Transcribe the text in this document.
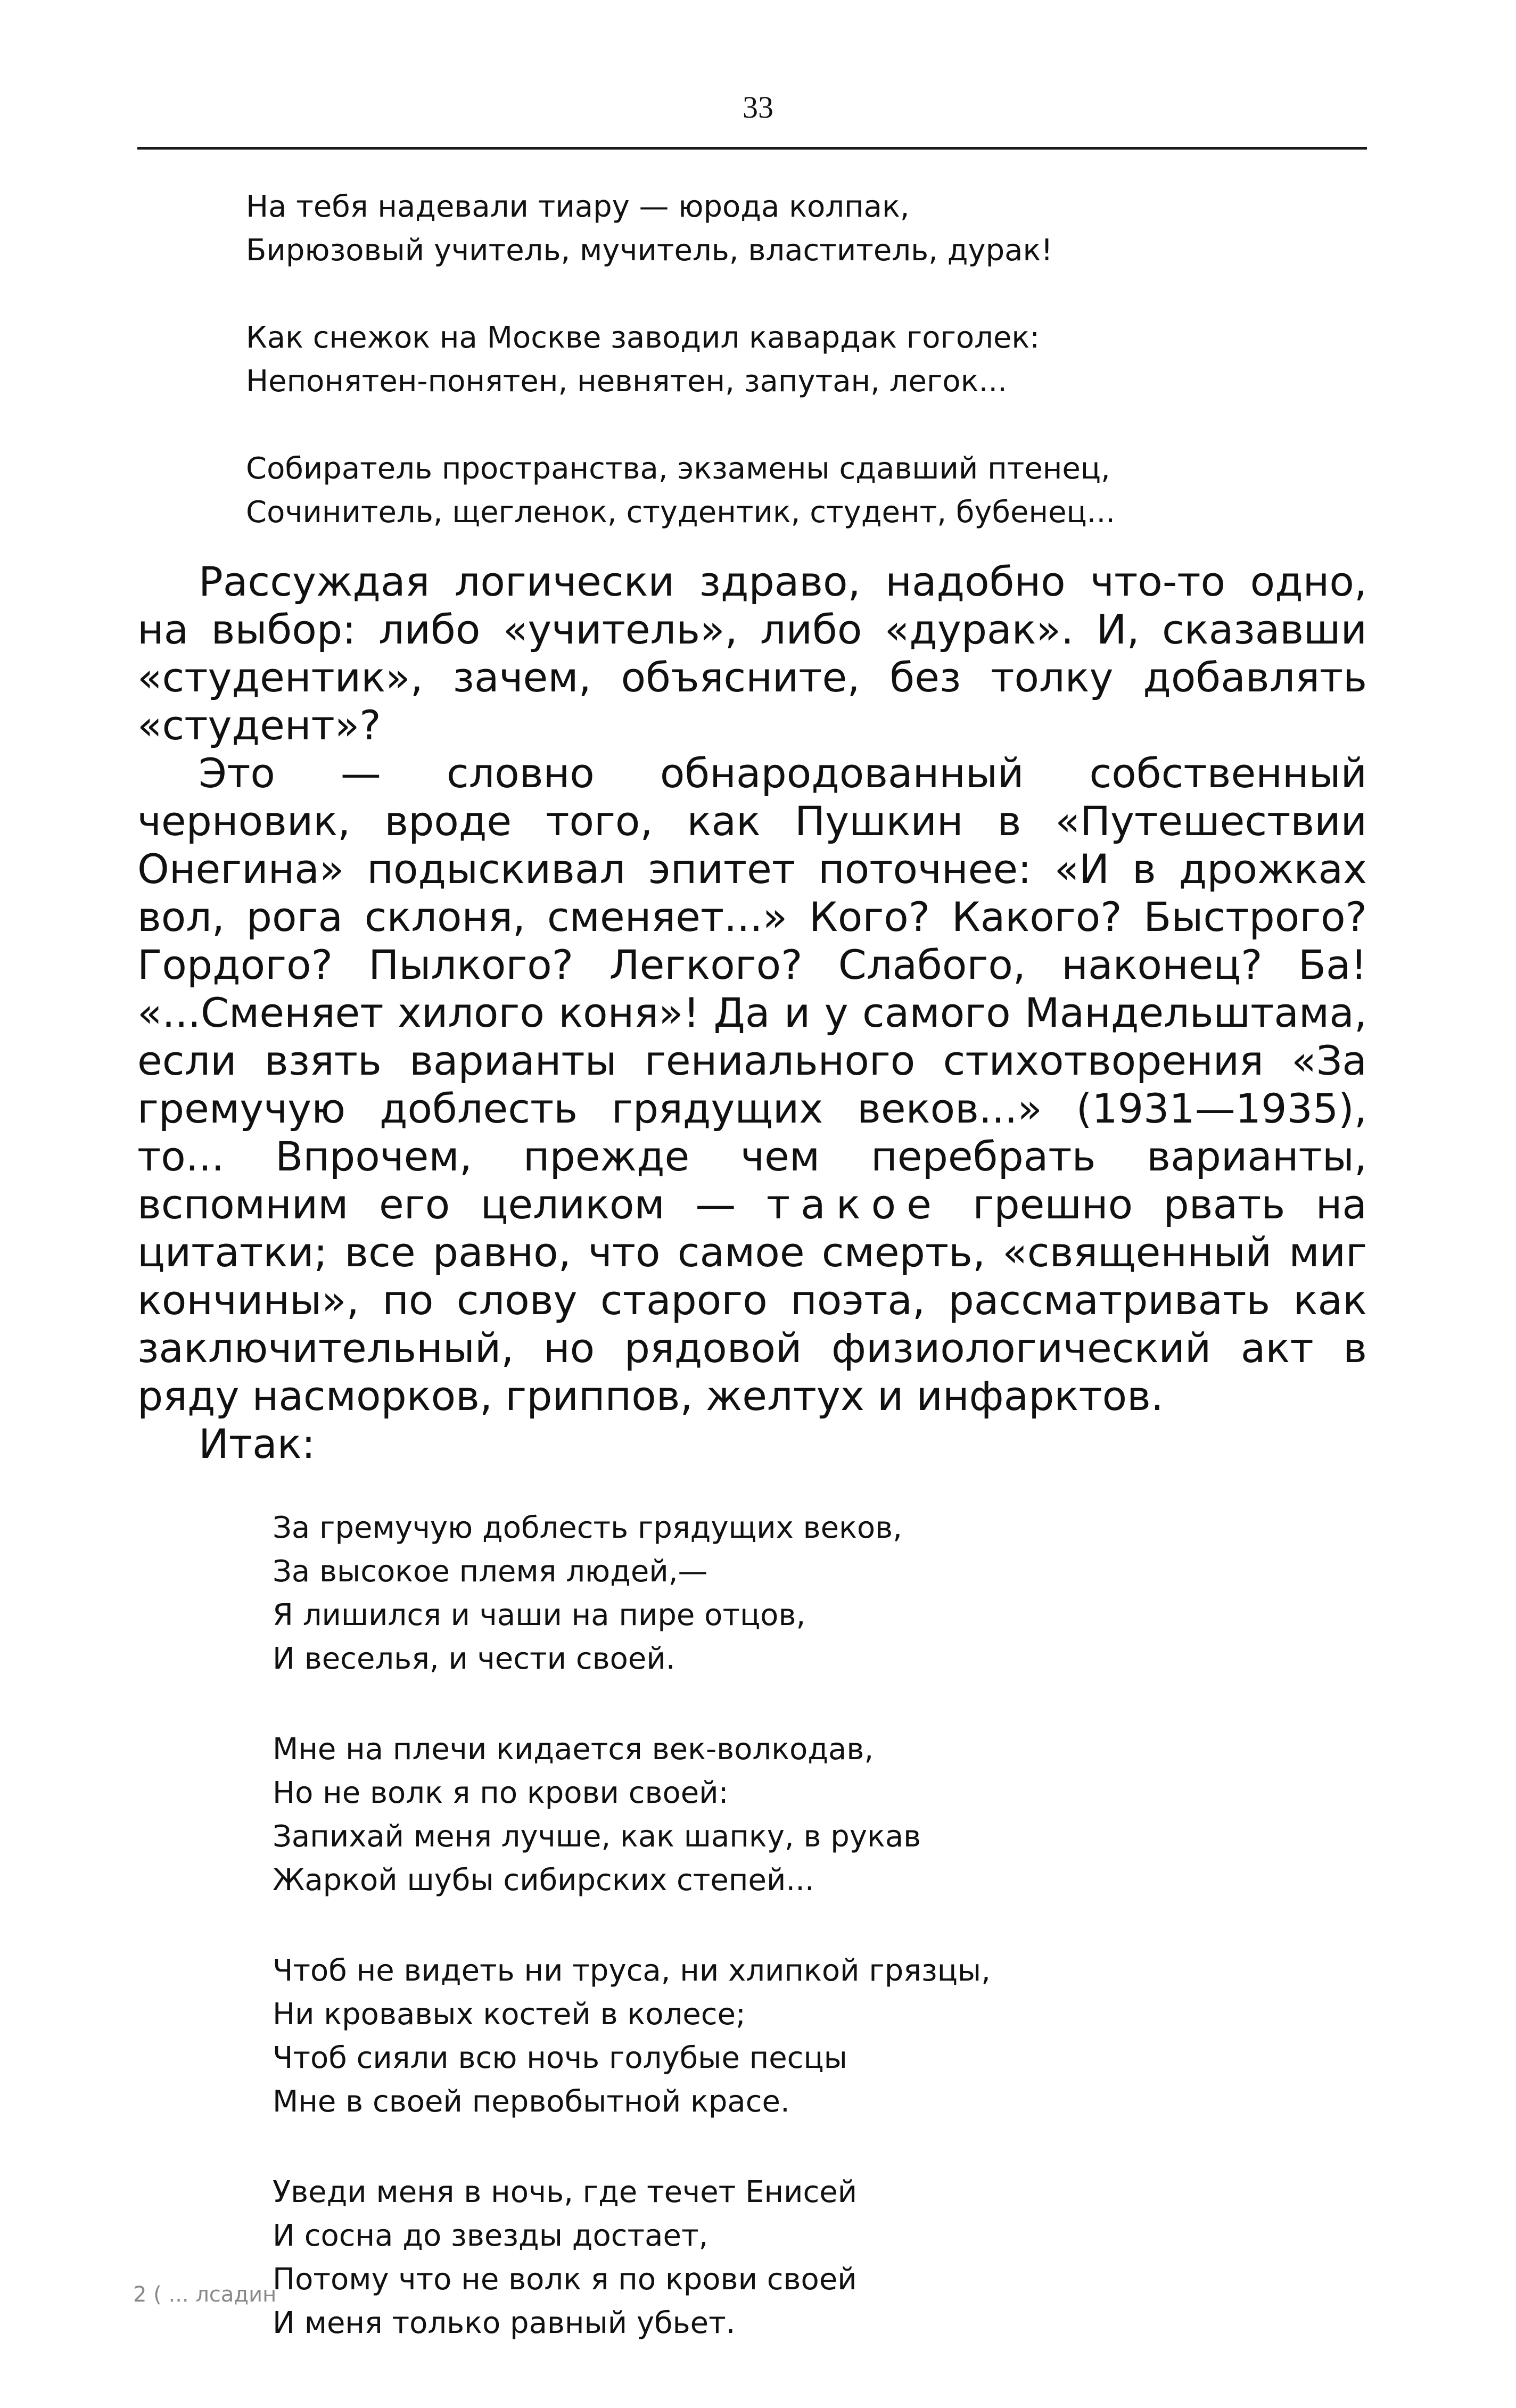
33
На тебя надевали тиару — юрода колпак,
Бирюзовый учитель, мучитель, властитель, дурак!
Как снежок на Москве заводил кавардак гоголек:
Непонятен-понятен, невнятен, запутан, легок...
Собиратель пространства, экзамены сдавший птенец,
Сочинитель, щегленок, студентик, студент, бубенец...

Рассуждая логически здраво, надобно что-то одно, на выбор: либо «учитель», либо «дурак». И, сказавши «студентик», зачем, объясните, без толку добавлять «студент»?

Это — словно обнародованный собственный черновик, вроде того, как Пушкин в «Путешествии Онегина» подыскивал эпитет поточнее: «И в дрожках вол, рога склоня, сменяет...» Кого? Какого? Быстрого? Гордого? Пылкого? Легкого? Слабого, наконец? Ба! «...Сменяет хилого коня»! Да и у самого Мандельштама, если взять варианты гениального стихотворения «За гремучую доблесть грядущих веков...» (1931—1935), то... Впрочем, прежде чем перебрать варианты, вспомним его целиком — такое грешно рвать на цитатки; все равно, что самое смерть, «священный миг кончины», по слову старого поэта, рассматривать как заключительный, но рядовой физиологический акт в ряду насморков, гриппов, желтух и инфарктов.

Итак:

За гремучую доблесть грядущих веков,
За высокое племя людей,—
Я лишился и чаши на пире отцов,
И веселья, и чести своей.
Мне на плечи кидается век-волкодав,
Но не волк я по крови своей:
Запихай меня лучше, как шапку, в рукав
Жаркой шубы сибирских степей...
Чтоб не видеть ни труса, ни хлипкой грязцы,
Ни кровавых костей в колесе;
Чтоб сияли всю ночь голубые песцы
Мне в своей первобытной красе.
Уведи меня в ночь, где течет Енисей
И сосна до звезды достает,
Потому что не волк я по крови своей
И меня только равный убьет.
2 ( ... лсадин
